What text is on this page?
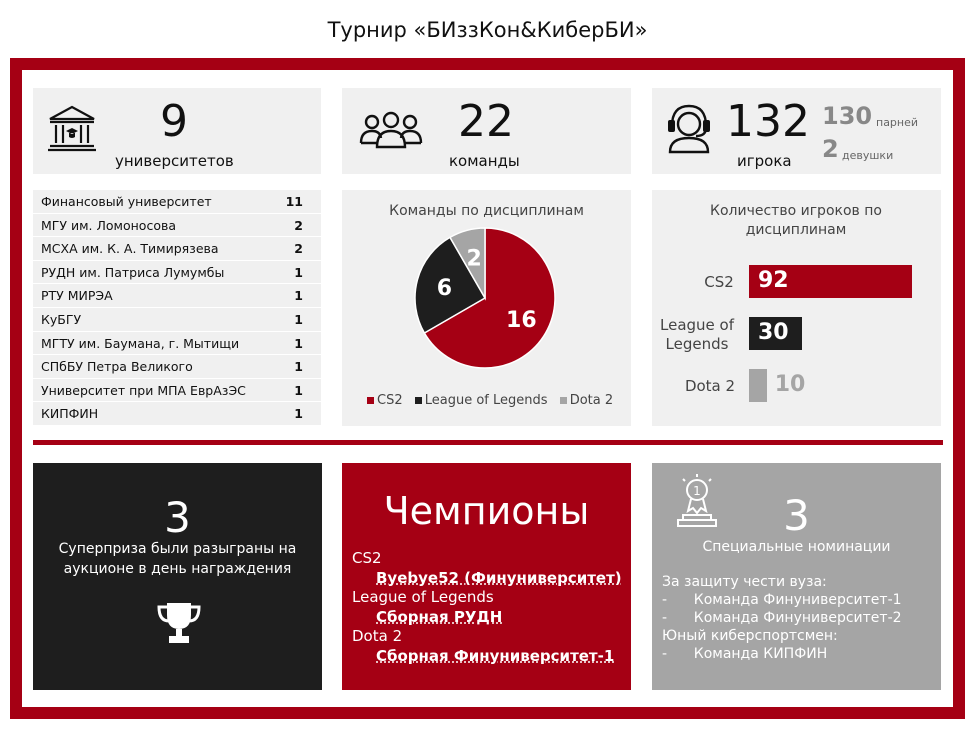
Турнир «БИззКон&КиберБИ»
9
университетов
22
команды
132
игрока
130 парней
2 девушки
Финансовый университет	11
МГУ им. Ломоносова	2
МСХА им. К. А. Тимирязева	2
РУДН им. Патриса Лумумбы	1
РТУ МИРЭА	1
КуБГУ	1
МГТУ им. Баумана, г. Мытищи	1
СПбБУ Петра Великого	1
Университет при МПА ЕврАзЭС	1
КИПФИН	1
Команды по дисциплинам
16
6
2
CS2 League of Legends Dota 2
Количество игроков по дисциплинам
CS2
League of Legends
Dota 2
92
30
10
3
Суперприза были разыграны на аукционе в день награждения
Чемпионы
CS2
Byebye52 (Финуниверситет)
League of Legends
Сборная РУДН
Dota 2
Сборная Финуниверситет-1
1	3
Специальные номинации
За защиту чести вуза:
-      Команда Финуниверситет-1
-      Команда Финуниверситет-2
Юный киберспортсмен:
-      Команда КИПФИН
